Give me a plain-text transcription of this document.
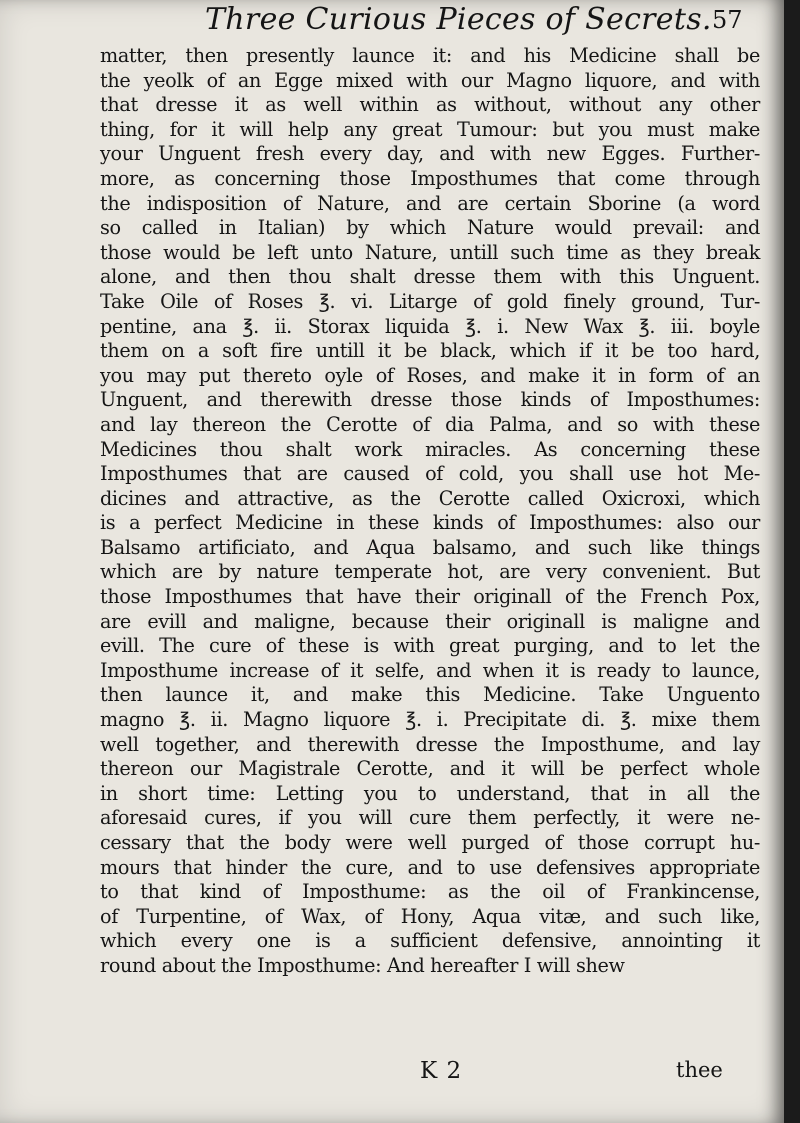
Three Curious Pieces of Secrets. 57
matter, then presently launce it: and his Medicine shall be
the yeolk of an Egge mixed with our Magno liquore, and with
that dresse it as well within as without, without any other
thing, for it will help any great Tumour: but you must make
your Unguent fresh every day, and with new Egges. Further-
more, as concerning those Imposthumes that come through
the indisposition of Nature, and are certain Sborine (a word
so called in Italian) by which Nature would prevail: and
those would be left unto Nature, untill such time as they break
alone, and then thou shalt dresse them with this Unguent.
Take Oile of Roses ℥. vi. Litarge of gold finely ground, Tur-
pentine, ana ℥. ii. Storax liquida ℥. i. New Wax ℥. iii. boyle
them on a soft fire untill it be black, which if it be too hard,
you may put thereto oyle of Roses, and make it in form of an
Unguent, and therewith dresse those kinds of Imposthumes:
and lay thereon the Cerotte of dia Palma, and so with these
Medicines thou shalt work miracles. As concerning these
Imposthumes that are caused of cold, you shall use hot Me-
dicines and attractive, as the Cerotte called Oxicroxi, which
is a perfect Medicine in these kinds of Imposthumes: also our
Balsamo artificiato, and Aqua balsamo, and such like things
which are by nature temperate hot, are very convenient. But
those Imposthumes that have their originall of the French Pox,
are evill and maligne, because their originall is maligne and
evill. The cure of these is with great purging, and to let the
Imposthume increase of it selfe, and when it is ready to launce,
then launce it, and make this Medicine. Take Unguento
magno ℥. ii. Magno liquore ℥. i. Precipitate di. ℥. mixe them
well together, and therewith dresse the Imposthume, and lay
thereon our Magistrale Cerotte, and it will be perfect whole
in short time: Letting you to understand, that in all the
aforesaid cures, if you will cure them perfectly, it were ne-
cessary that the body were well purged of those corrupt hu-
mours that hinder the cure, and to use defensives appropriate
to that kind of Imposthume: as the oil of Frankincense,
of Turpentine, of Wax, of Hony, Aqua vitæ, and such like,
which every one is a sufficient defensive, annointing it
round about the Imposthume: And hereafter I will shew
K 2	thee
